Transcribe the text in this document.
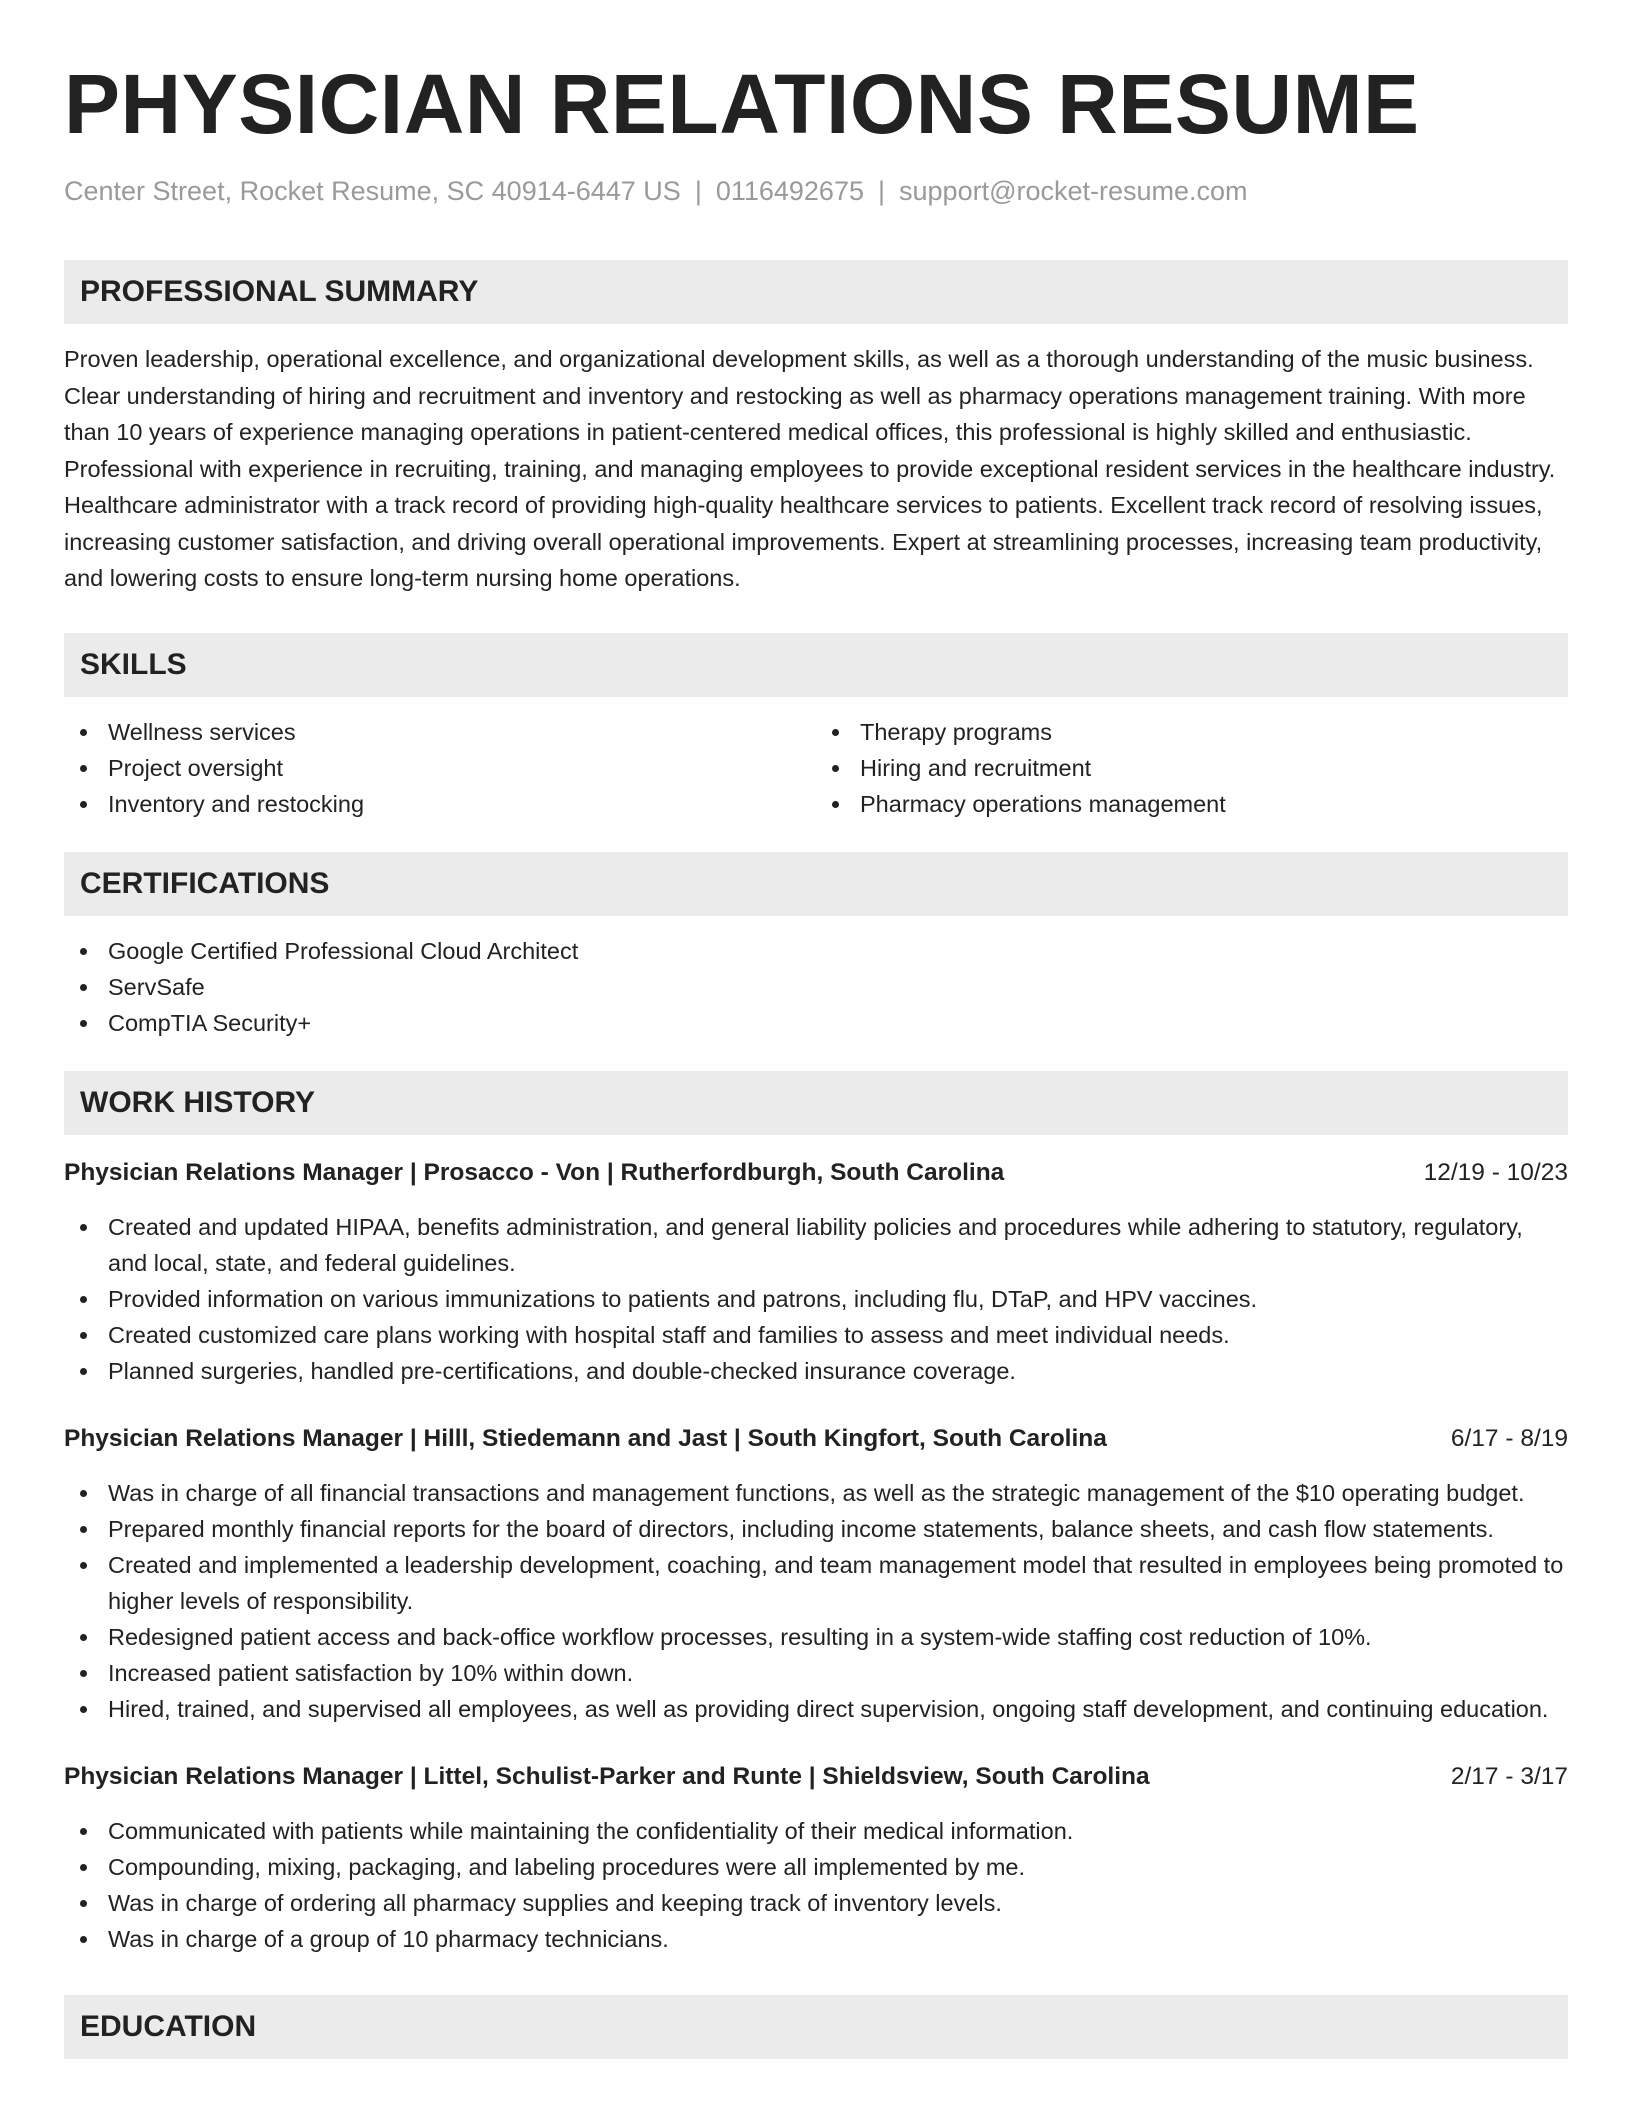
PHYSICIAN RELATIONS RESUME
Center Street, Rocket Resume, SC 40914-6447 US | 0116492675 | support@rocket-resume.com
PROFESSIONAL SUMMARY
Proven leadership, operational excellence, and organizational development skills, as well as a thorough understanding of the music business. Clear understanding of hiring and recruitment and inventory and restocking as well as pharmacy operations management training. With more than 10 years of experience managing operations in patient-centered medical offices, this professional is highly skilled and enthusiastic. Professional with experience in recruiting, training, and managing employees to provide exceptional resident services in the healthcare industry. Healthcare administrator with a track record of providing high-quality healthcare services to patients. Excellent track record of resolving issues, increasing customer satisfaction, and driving overall operational improvements. Expert at streamlining processes, increasing team productivity, and lowering costs to ensure long-term nursing home operations.
SKILLS
Wellness services
Project oversight
Inventory and restocking
Therapy programs
Hiring and recruitment
Pharmacy operations management
CERTIFICATIONS
Google Certified Professional Cloud Architect
ServSafe
CompTIA Security+
WORK HISTORY
Physician Relations Manager | Prosacco - Von | Rutherfordburgh, South Carolina	12/19 - 10/23
Created and updated HIPAA, benefits administration, and general liability policies and procedures while adhering to statutory, regulatory, and local, state, and federal guidelines.
Provided information on various immunizations to patients and patrons, including flu, DTaP, and HPV vaccines.
Created customized care plans working with hospital staff and families to assess and meet individual needs.
Planned surgeries, handled pre-certifications, and double-checked insurance coverage.
Physician Relations Manager | Hilll, Stiedemann and Jast | South Kingfort, South Carolina	6/17 - 8/19
Was in charge of all financial transactions and management functions, as well as the strategic management of the $10 operating budget.
Prepared monthly financial reports for the board of directors, including income statements, balance sheets, and cash flow statements.
Created and implemented a leadership development, coaching, and team management model that resulted in employees being promoted to higher levels of responsibility.
Redesigned patient access and back-office workflow processes, resulting in a system-wide staffing cost reduction of 10%.
Increased patient satisfaction by 10% within down.
Hired, trained, and supervised all employees, as well as providing direct supervision, ongoing staff development, and continuing education.
Physician Relations Manager | Littel, Schulist-Parker and Runte | Shieldsview, South Carolina	2/17 - 3/17
Communicated with patients while maintaining the confidentiality of their medical information.
Compounding, mixing, packaging, and labeling procedures were all implemented by me.
Was in charge of ordering all pharmacy supplies and keeping track of inventory levels.
Was in charge of a group of 10 pharmacy technicians.
EDUCATION
